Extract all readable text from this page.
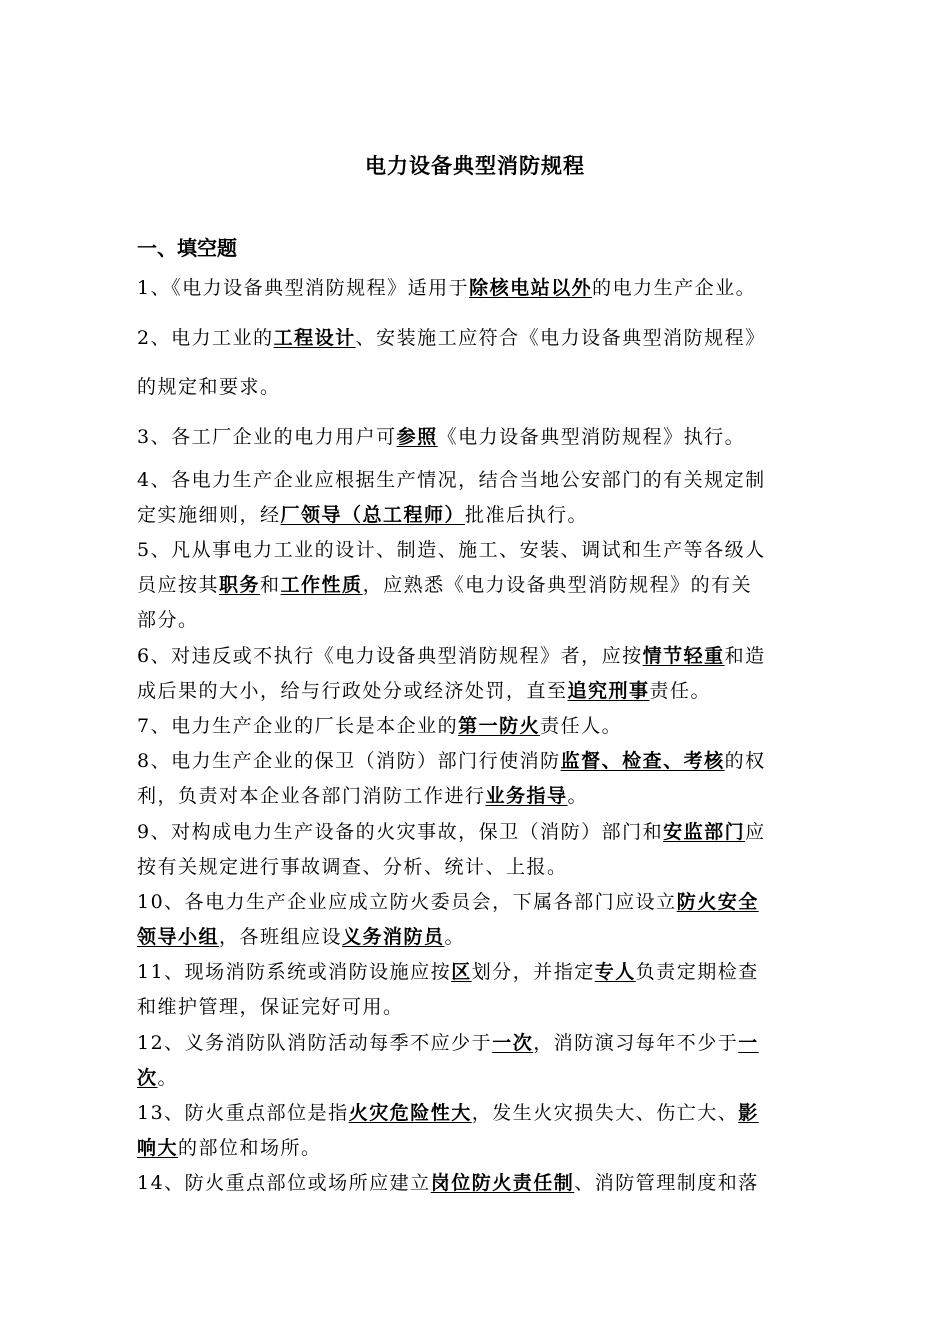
电力设备典型消防规程
一、填空题
1、《电力设备典型消防规程》适用于除核电站以外的电力生产企业。
2、电力工业的工程设计、安装施工应符合《电力设备典型消防规程》
的规定和要求。
3、各工厂企业的电力用户可参照《电力设备典型消防规程》执行。
4、各电力生产企业应根据生产情况，结合当地公安部门的有关规定制
定实施细则，经厂领导（总工程师）批准后执行。
5、凡从事电力工业的设计、制造、施工、安装、调试和生产等各级人
员应按其职务和工作性质，应熟悉《电力设备典型消防规程》的有关
部分。
6、对违反或不执行《电力设备典型消防规程》者，应按情节轻重和造
成后果的大小，给与行政处分或经济处罚，直至追究刑事责任。
7、电力生产企业的厂长是本企业的第一防火责任人。
8、电力生产企业的保卫（消防）部门行使消防监督、检查、考核的权
利，负责对本企业各部门消防工作进行业务指导。
9、对构成电力生产设备的火灾事故，保卫（消防）部门和安监部门应
按有关规定进行事故调查、分析、统计、上报。
10、各电力生产企业应成立防火委员会，下属各部门应设立防火安全
领导小组，各班组应设义务消防员。
11、现场消防系统或消防设施应按区划分，并指定专人负责定期检查
和维护管理，保证完好可用。
12、义务消防队消防活动每季不应少于一次，消防演习每年不少于一
次。
13、防火重点部位是指火灾危险性大，发生火灾损失大、伤亡大、影
响大的部位和场所。
14、防火重点部位或场所应建立岗位防火责任制、消防管理制度和落
